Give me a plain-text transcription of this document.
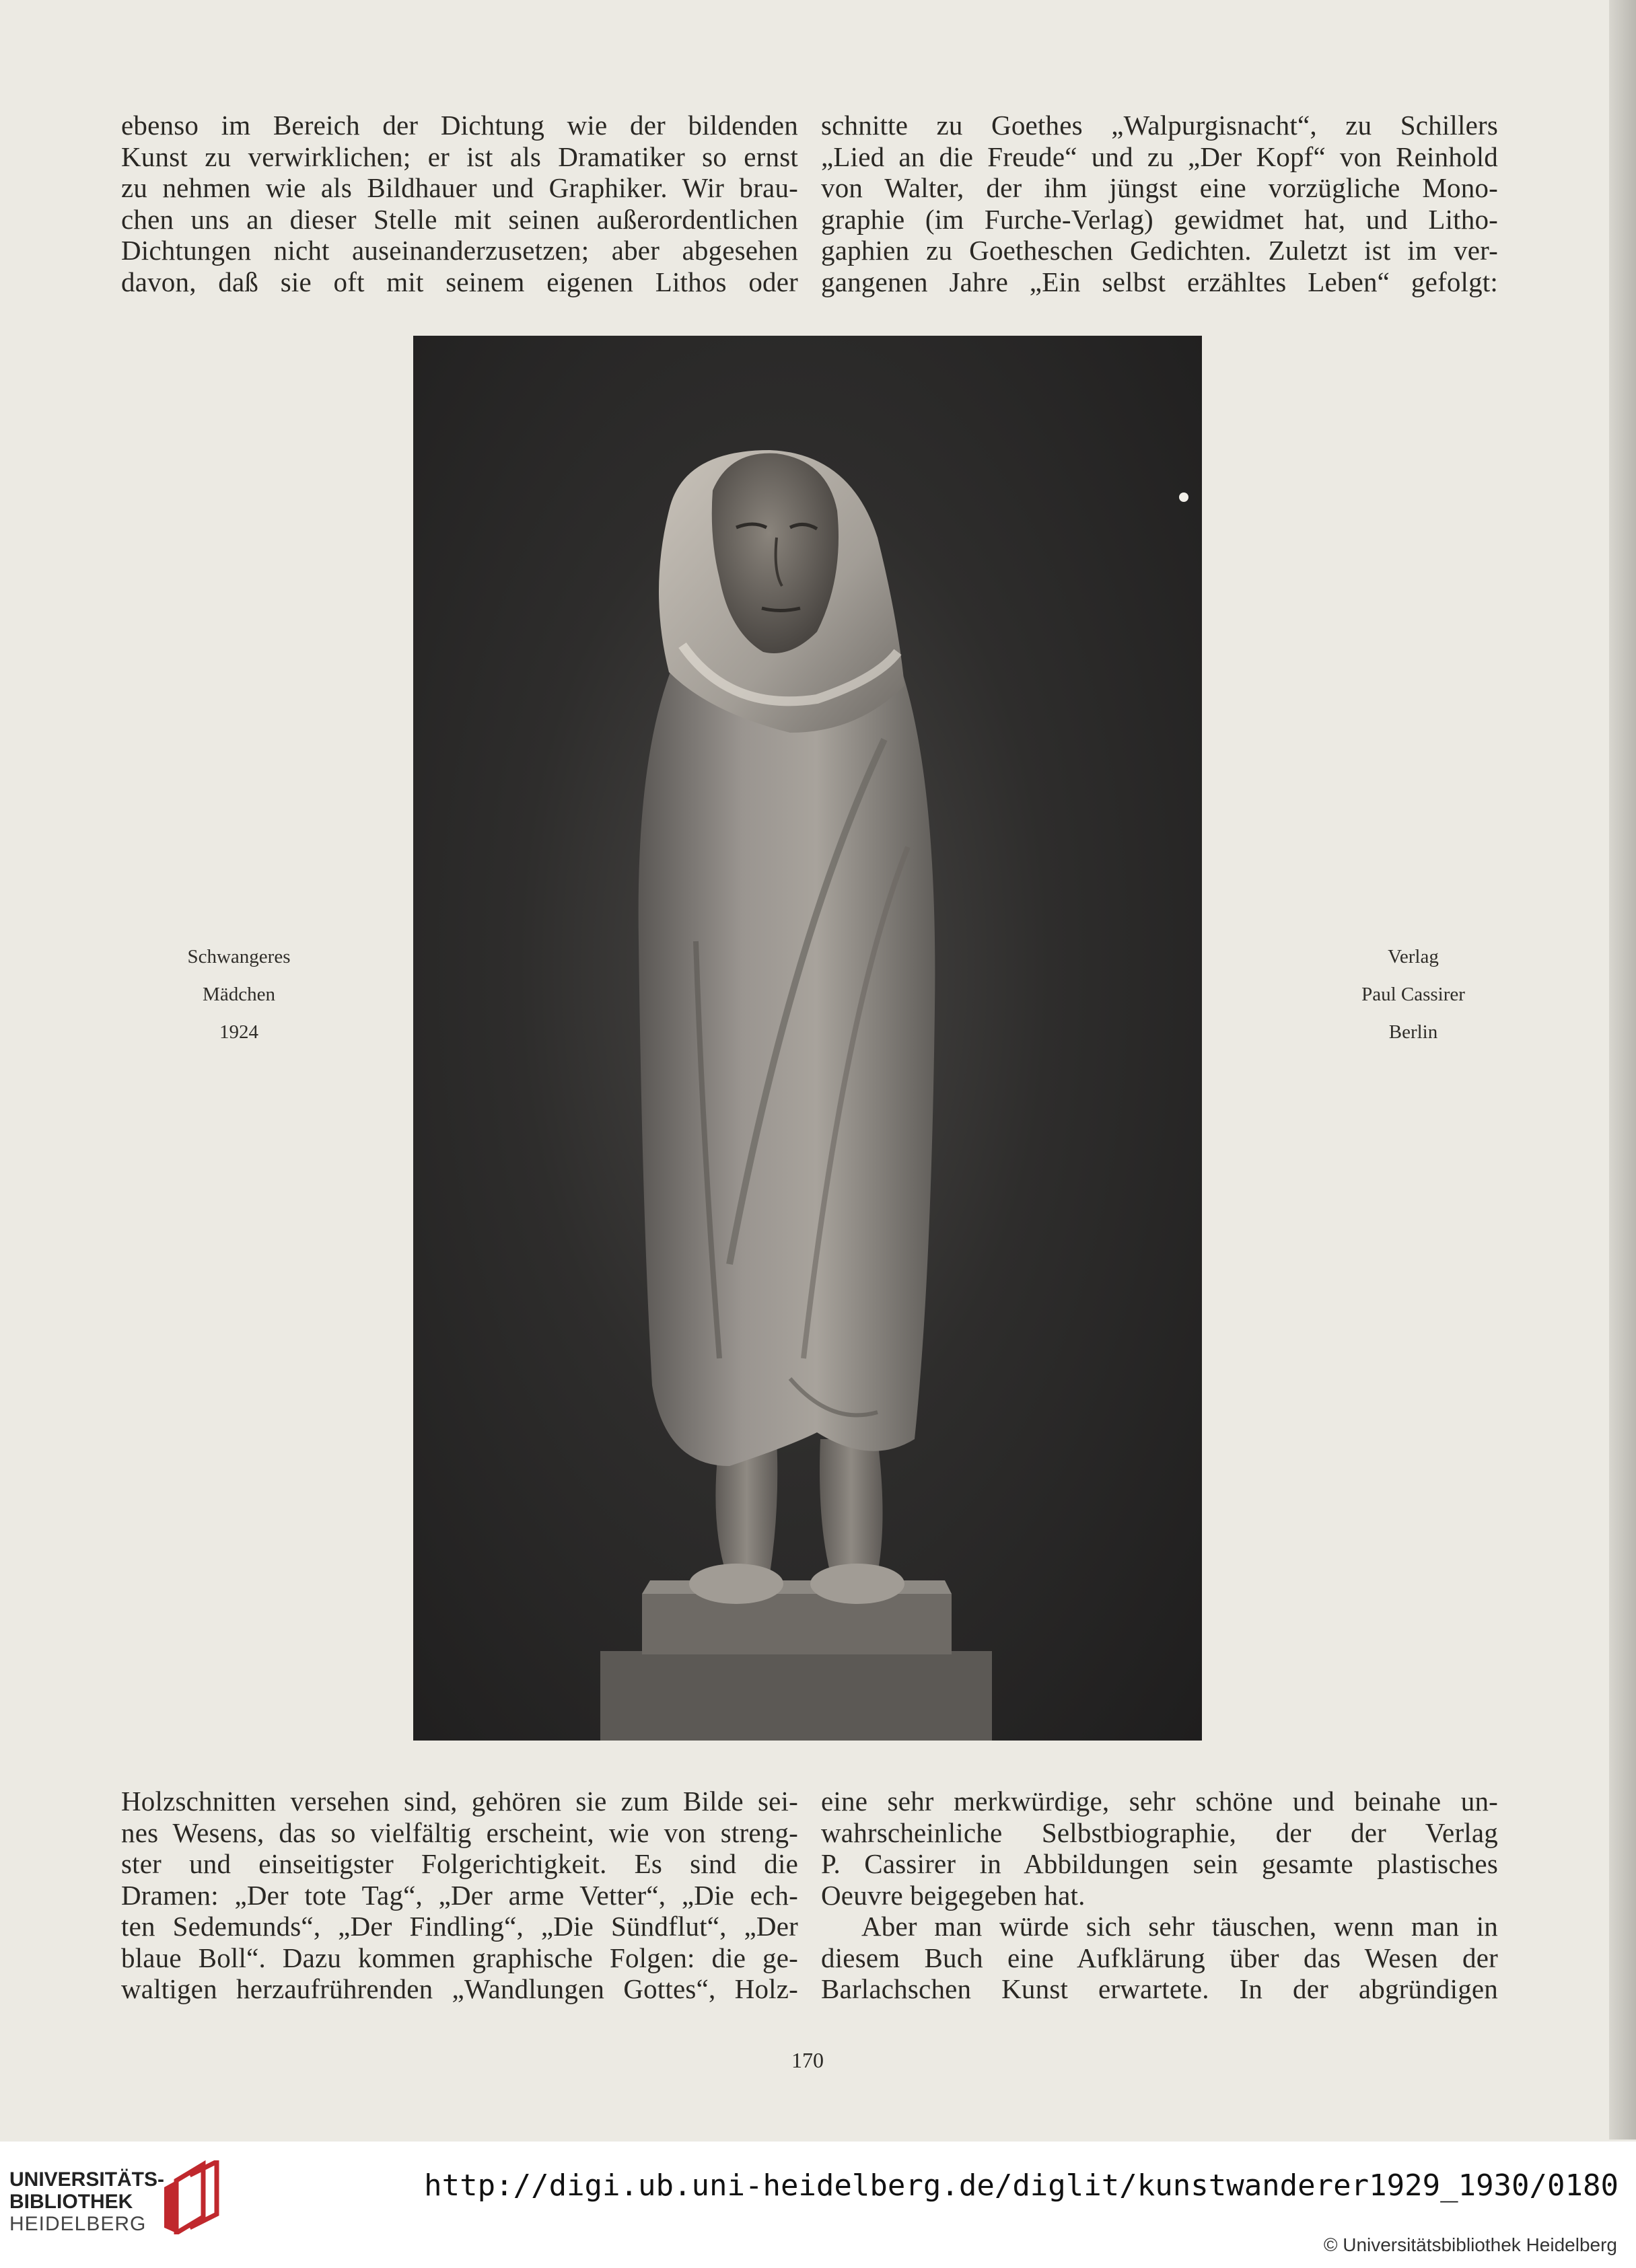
ebenso im Bereich der Dichtung wie der bildenden
Kunst zu verwirklichen; er ist als Dramatiker so ernst
zu nehmen wie als Bildhauer und Graphiker. Wir brau-
chen uns an dieser Stelle mit seinen außerordentlichen
Dichtungen nicht auseinanderzusetzen; aber abgesehen
davon, daß sie oft mit seinem eigenen Lithos oder
schnitte zu Goethes „Walpurgisnacht“, zu Schillers
„Lied an die Freude“ und zu „Der Kopf“ von Reinhold
von Walter, der ihm jüngst eine vorzügliche Mono-
graphie (im Furche-Verlag) gewidmet hat, und Litho-
gaphien zu Goetheschen Gedichten. Zuletzt ist im ver-
gangenen Jahre „Ein selbst erzähltes Leben“ gefolgt:
Schwangeres
Mädchen
1924
Verlag
Paul Cassirer
Berlin
Holzschnitten versehen sind, gehören sie zum Bilde sei-
nes Wesens, das so vielfältig erscheint, wie von streng-
ster und einseitigster Folgerichtigkeit. Es sind die
Dramen: „Der tote Tag“, „Der arme Vetter“, „Die ech-
ten Sedemunds“, „Der Findling“, „Die Sündflut“, „Der
blaue Boll“. Dazu kommen graphische Folgen: die ge-
waltigen herzaufrührenden „Wandlungen Gottes“, Holz-
eine sehr merkwürdige, sehr schöne und beinahe un-
wahrscheinliche Selbstbiographie, der der Verlag
P. Cassirer in Abbildungen sein gesamte plastisches
Oeuvre beigegeben hat.
Aber man würde sich sehr täuschen, wenn man in
diesem Buch eine Aufklärung über das Wesen der
Barlachschen Kunst erwartete. In der abgründigen
170
UNIVERSITÄTS-
BIBLIOTHEK
HEIDELBERG
http://digi.ub.uni-heidelberg.de/diglit/kunstwanderer1929_1930/0180
© Universitätsbibliothek Heidelberg
